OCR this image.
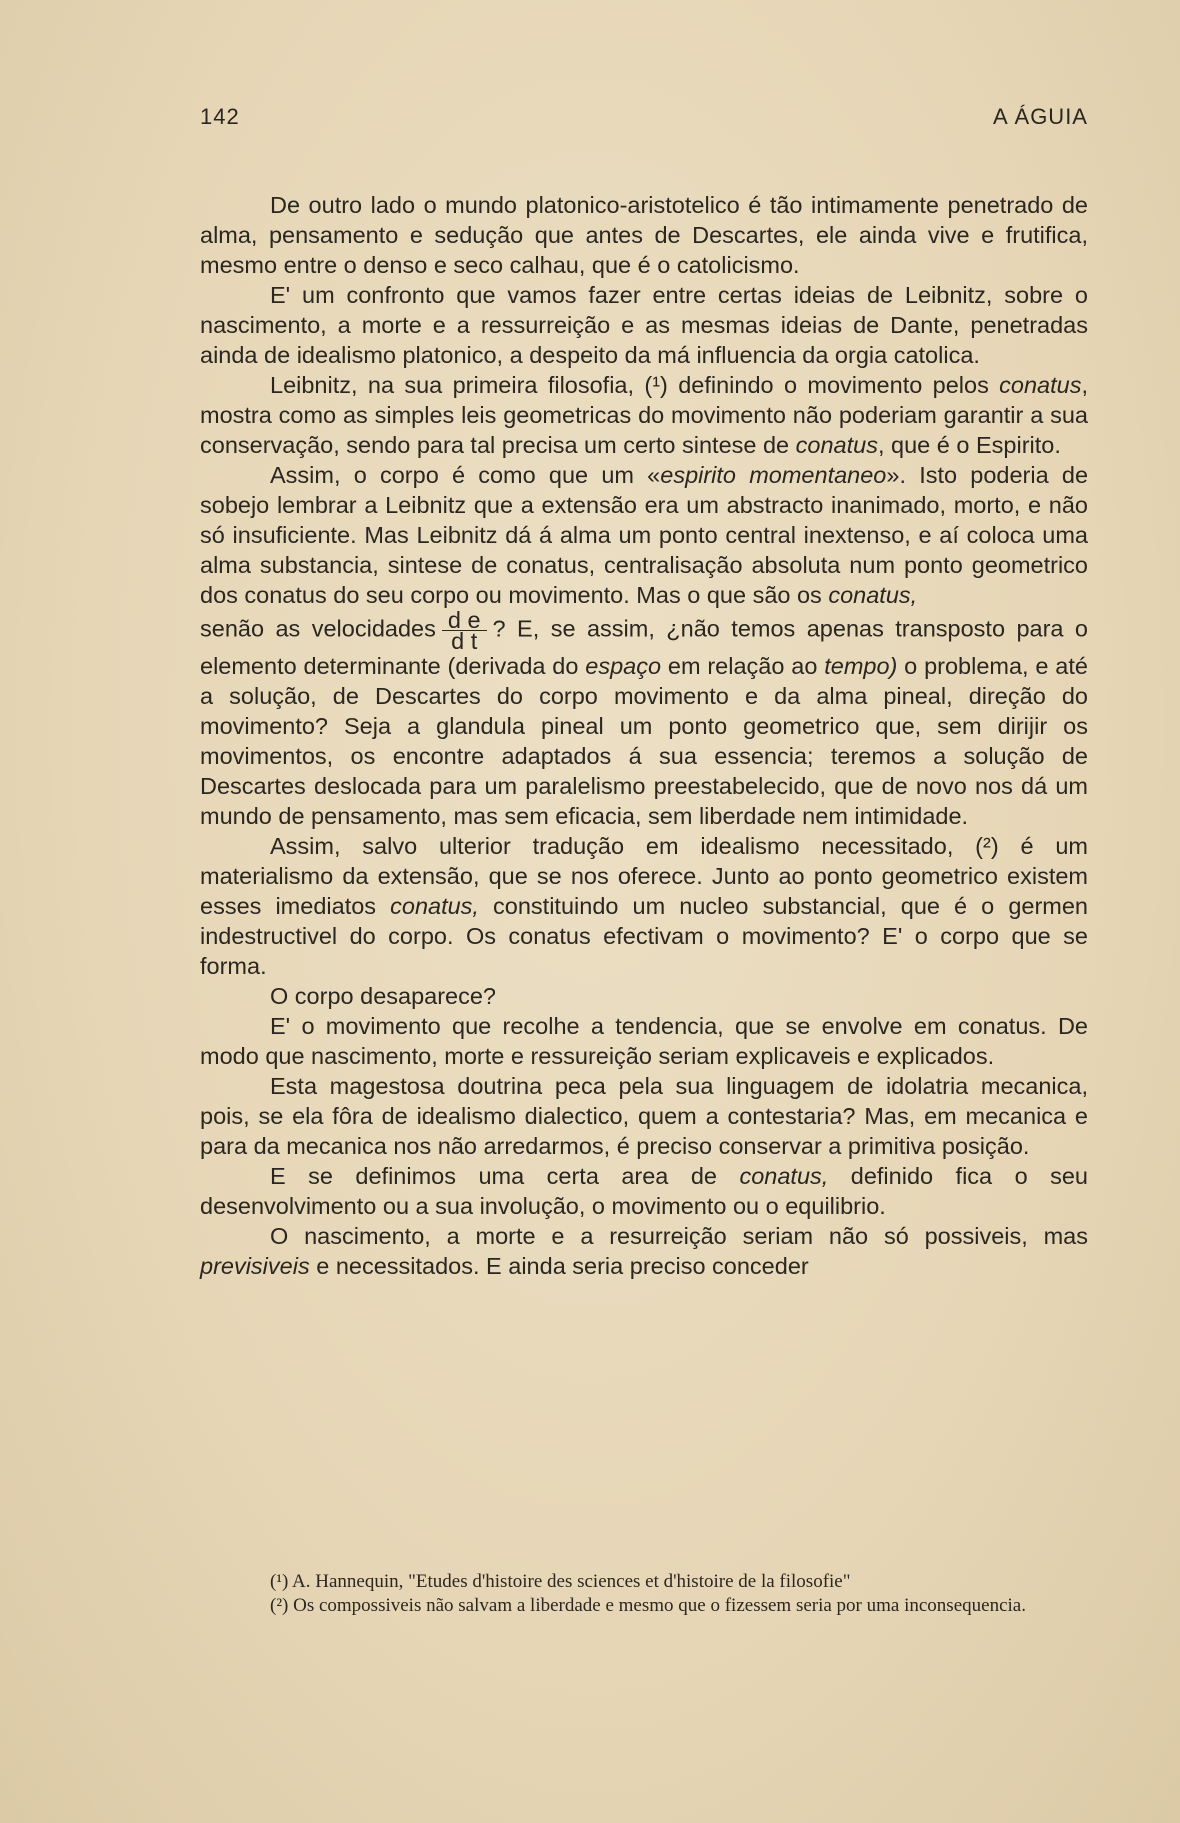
142	A ÁGUIA

De outro lado o mundo platonico-aristotelico é tão intimamente penetrado de alma, pensamento e sedução que antes de Descartes, ele ainda vive e frutifica, mesmo entre o denso e seco calhau, que é o catolicismo.

E' um confronto que vamos fazer entre certas ideias de Leibnitz, sobre o nascimento, a morte e a ressurreição e as mesmas ideias de Dante, penetradas ainda de idealismo platonico, a despeito da má influencia da orgia catolica.

Leibnitz, na sua primeira filosofia, (¹) definindo o movimento pelos conatus, mostra como as simples leis geometricas do movimento não poderiam garantir a sua conservação, sendo para tal precisa um certo sintese de conatus, que é o Espirito.

Assim, o corpo é como que um «espirito momentaneo». Isto poderia de sobejo lembrar a Leibnitz que a extensão era um abstracto inanimado, morto, e não só insuficiente. Mas Leibnitz dá á alma um ponto central inextenso, e aí coloca uma alma substancia, sintese de conatus, centralisação absoluta num ponto geometrico dos conatus do seu corpo ou movimento. Mas o que são os conatus,

senão as velocidades $\frac{\text{d e}}{\text{d t}}$ ? E, se assim, ¿não temos apenas transposto para o elemento determinante (derivada do espaço em relação ao tempo) o problema, e até a solução, de Descartes do corpo movimento e da alma pineal, direção do movimento? Seja a glandula pineal um ponto geometrico que, sem dirijir os movimentos, os encontre adaptados á sua essencia; teremos a solução de Descartes deslocada para um paralelismo preestabelecido, que de novo nos dá um mundo de pensamento, mas sem eficacia, sem liberdade nem intimidade.

Assim, salvo ulterior tradução em idealismo necessitado, (²) é um materialismo da extensão, que se nos oferece. Junto ao ponto geometrico existem esses imediatos conatus, constituindo um nucleo substancial, que é o germen indestructivel do corpo. Os conatus efectivam o movimento? E' o corpo que se forma.

O corpo desaparece?

E' o movimento que recolhe a tendencia, que se envolve em conatus. De modo que nascimento, morte e ressureição seriam explicaveis e explicados.

Esta magestosa doutrina peca pela sua linguagem de idolatria mecanica, pois, se ela fôra de idealismo dialectico, quem a contestaria? Mas, em mecanica e para da mecanica nos não arredarmos, é preciso conservar a primitiva posição.

E se definimos uma certa area de conatus, definido fica o seu desenvolvimento ou a sua involução, o movimento ou o equilibrio.

O nascimento, a morte e a resurreição seriam não só possiveis, mas previsiveis e necessitados. E ainda seria preciso conceder

(¹) A. Hannequin, "Etudes d'histoire des sciences et d'histoire de la filosofie"

(²) Os compossiveis não salvam a liberdade e mesmo que o fizessem seria por uma inconsequencia.
